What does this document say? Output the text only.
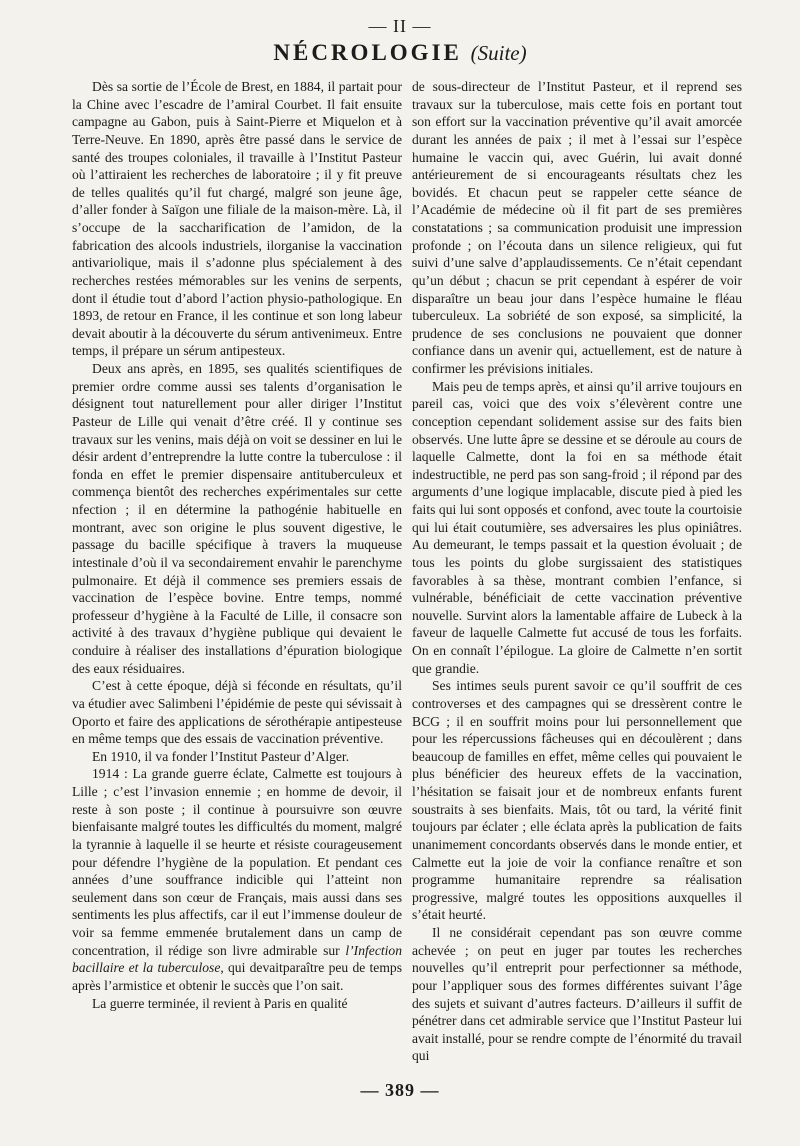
— II —
NÉCROLOGIE (Suite)

Dès sa sortie de l’École de Brest, en 1884, il partait pour la Chine avec l’escadre de l’amiral Courbet. Il fait ensuite campagne au Gabon, puis à Saint-Pierre et Miquelon et à Terre-Neuve. En 1890, après être passé dans le service de santé des troupes coloniales, il travaille à l’Institut Pasteur où l’attiraient les recherches de laboratoire ; il y fit preuve de telles qualités qu’il fut chargé, malgré son jeune âge, d’aller fonder à Saïgon une filiale de la maison-mère. Là, il s’occupe de la saccharification de l’amidon, de la fabrication des alcools industriels, ilorganise la vaccination antivariolique, mais il s’adonne plus spécialement à des recherches restées mémorables sur les venins de serpents, dont il étudie tout d’abord l’action physio-pathologique. En 1893, de retour en France, il les continue et son long labeur devait aboutir à la découverte du sérum antivenimeux. Entre temps, il prépare un sérum antipesteux.

Deux ans après, en 1895, ses qualités scientifiques de premier ordre comme aussi ses talents d’organisation le désignent tout naturellement pour aller diriger l’Institut Pasteur de Lille qui venait d’être créé. Il y continue ses travaux sur les venins, mais déjà on voit se dessiner en lui le désir ardent d’entreprendre la lutte contre la tuberculose : il fonda en effet le premier dispensaire antituberculeux et commença bientôt des recherches expérimentales sur cette nfection ; il en détermine la pathogénie habituelle en montrant, avec son origine le plus souvent digestive, le passage du bacille spécifique à travers la muqueuse intestinale d’où il va secondairement envahir le parenchyme pulmonaire. Et déjà il commence ses premiers essais de vaccination de l’espèce bovine. Entre temps, nommé professeur d’hygiène à la Faculté de Lille, il consacre son activité à des travaux d’hygiène publique qui devaient le conduire à réaliser des installations d’épuration biologique des eaux résiduaires.

C’est à cette époque, déjà si féconde en résultats, qu’il va étudier avec Salimbeni l’épidémie de peste qui sévissait à Oporto et faire des applications de sérothérapie antipesteuse en même temps que des essais de vaccination préventive.

En 1910, il va fonder l’Institut Pasteur d’Alger.

1914 : La grande guerre éclate, Calmette est toujours à Lille ; c’est l’invasion ennemie ; en homme de devoir, il reste à son poste ; il continue à poursuivre son œuvre bienfaisante malgré toutes les difficultés du moment, malgré la tyrannie à laquelle il se heurte et résiste courageusement pour défendre l’hygiène de la population. Et pendant ces années d’une souffrance indicible qui l’atteint non seulement dans son cœur de Français, mais aussi dans ses sentiments les plus affectifs, car il eut l’immense douleur de voir sa femme emmenée brutalement dans un camp de concentration, il rédige son livre admirable sur l’Infection bacillaire et la tuberculose, qui devaitparaître peu de temps après l’armistice et obtenir le succès que l’on sait.

La guerre terminée, il revient à Paris en qualité

de sous-directeur de l’Institut Pasteur, et il reprend ses travaux sur la tuberculose, mais cette fois en portant tout son effort sur la vaccination préventive qu’il avait amorcée durant les années de paix ; il met à l’essai sur l’espèce humaine le vaccin qui, avec Guérin, lui avait donné antérieurement de si encourageants résultats chez les bovidés. Et chacun peut se rappeler cette séance de l’Académie de médecine où il fit part de ses premières constatations ; sa communication produisit une impression profonde ; on l’écouta dans un silence religieux, qui fut suivi d’une salve d’applaudissements. Ce n’était cependant qu’un début ; chacun se prit cependant à espérer de voir disparaître un beau jour dans l’espèce humaine le fléau tuberculeux. La sobriété de son exposé, sa simplicité, la prudence de ses conclusions ne pouvaient que donner confiance dans un avenir qui, actuellement, est de nature à confirmer les prévisions initiales.

Mais peu de temps après, et ainsi qu’il arrive toujours en pareil cas, voici que des voix s’élevèrent contre une conception cependant solidement assise sur des faits bien observés. Une lutte âpre se dessine et se déroule au cours de laquelle Calmette, dont la foi en sa méthode était indestructible, ne perd pas son sang-froid ; il répond par des arguments d’une logique implacable, discute pied à pied les faits qui lui sont opposés et confond, avec toute la courtoisie qui lui était coutumière, ses adversaires les plus opiniâtres. Au demeurant, le temps passait et la question évoluait ; de tous les points du globe surgissaient des statistiques favorables à sa thèse, montrant combien l’enfance, si vulnérable, bénéficiait de cette vaccination préventive nouvelle. Survint alors la lamentable affaire de Lubeck à la faveur de laquelle Calmette fut accusé de tous les forfaits. On en connaît l’épilogue. La gloire de Calmette n’en sortit que grandie.

Ses intimes seuls purent savoir ce qu’il souffrit de ces controverses et des campagnes qui se dressèrent contre le BCG ; il en souffrit moins pour lui personnellement que pour les répercussions fâcheuses qui en découlèrent ; dans beaucoup de familles en effet, même celles qui pouvaient le plus bénéficier des heureux effets de la vaccination, l’hésitation se faisait jour et de nombreux enfants furent soustraits à ses bienfaits. Mais, tôt ou tard, la vérité finit toujours par éclater ; elle éclata après la publication de faits unanimement concordants observés dans le monde entier, et Calmette eut la joie de voir la confiance renaître et son programme humanitaire reprendre sa réalisation progressive, malgré toutes les oppositions auxquelles il s’était heurté.

Il ne considérait cependant pas son œuvre comme achevée ; on peut en juger par toutes les recherches nouvelles qu’il entreprit pour perfectionner sa méthode, pour l’appliquer sous des formes différentes suivant l’âge des sujets et suivant d’autres facteurs. D’ailleurs il suffit de pénétrer dans cet admirable service que l’Institut Pasteur lui avait installé, pour se rendre compte de l’énormité du travail qui

— 389 —
